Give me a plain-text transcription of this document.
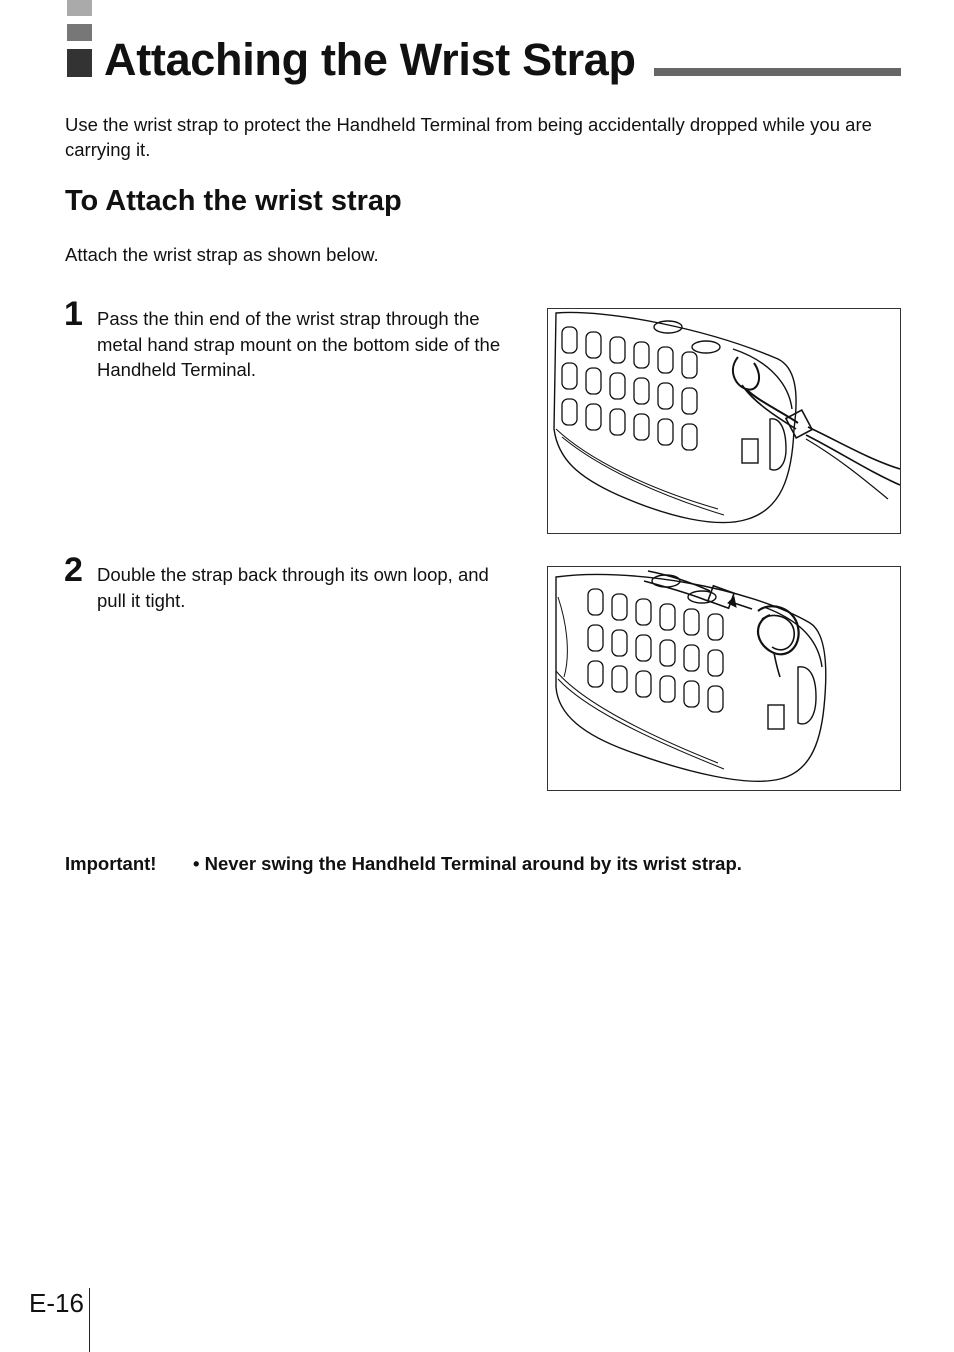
Attaching the Wrist Strap

Use the wrist strap to protect the Handheld Terminal from being accidentally dropped while you are carrying it.

To Attach the wrist strap

Attach the wrist strap as shown below.

1 Pass the thin end of the wrist strap through the metal hand strap mount on the bottom side of the Handheld Terminal.

2 Double the strap back through its own loop, and pull it tight.

Important! • Never swing the Handheld Terminal around by its wrist strap.
E-16
